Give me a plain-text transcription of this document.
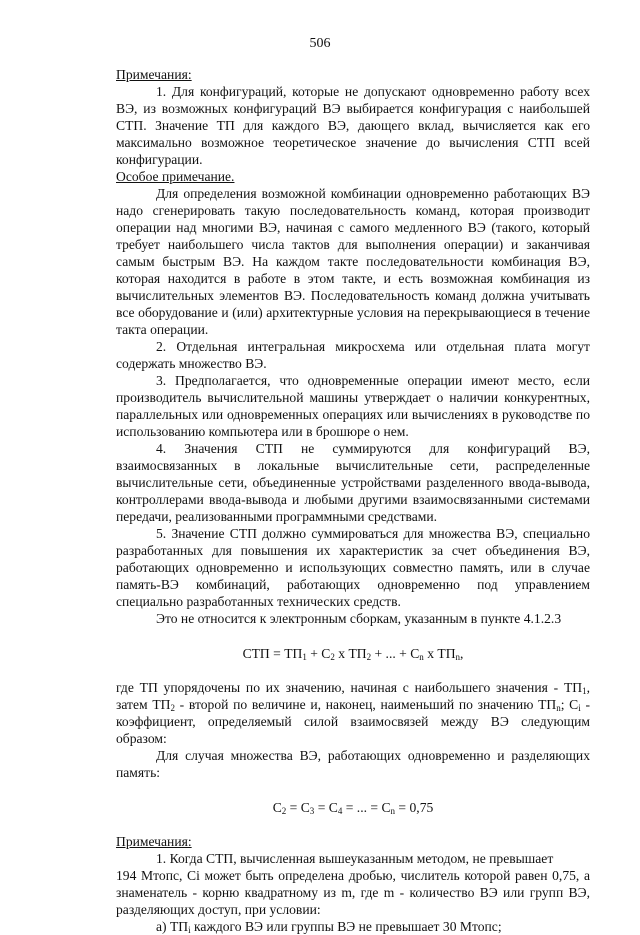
506

Примечания:

1. Для конфигураций, которые не допускают одновременно работу всех ВЭ, из возможных конфигураций ВЭ выбирается конфигурация с наибольшей СТП. Значение ТП для каждого ВЭ, дающего вклад, вычисляется как его максимально возможное теоретическое значение до вычисления СТП всей конфигурации.

Особое примечание.

Для определения возможной комбинации одновременно работающих ВЭ надо сгенерировать такую последовательность команд, которая производит операции над многими ВЭ, начиная с самого медленного ВЭ (такого, который требует наибольшего числа тактов для выполнения операции) и заканчивая самым быстрым ВЭ. На каждом такте последовательности комбинация ВЭ, которая находится в работе в этом такте, и есть возможная комбинация из вычислительных элементов ВЭ. Последовательность команд должна учитывать все оборудование и (или) архитектурные условия на перекрывающиеся в течение такта операции.

2. Отдельная интегральная микросхема или отдельная плата могут содержать множество ВЭ.

3. Предполагается, что одновременные операции имеют место, если производитель вычислительной машины утверждает о наличии конкурентных, параллельных или одновременных операциях или вычислениях в руководстве по использованию компьютера или в брошюре о нем.

4. Значения СТП не суммируются для конфигураций ВЭ, взаимосвязанных в локальные вычислительные сети, распределенные вычислительные сети, объединенные устройствами разделенного ввода-вывода, контроллерами ввода-вывода и любыми другими взаимосвязанными системами передачи, реализованными программными средствами.

5. Значение СТП должно суммироваться для множества ВЭ, специально разработанных для повышения их характеристик за счет объединения ВЭ, работающих одновременно и использующих совместно память, или в случае память-ВЭ комбинаций, работающих одновременно под управлением специально разработанных технических средств.

Это не относится к электронным сборкам, указанным в пункте 4.1.2.3

СТП = $ТП_1 + С_2$ х $ТП_2$ + ... + $С_n$ х $ТП_n$,

где ТП упорядочены по их значению, начиная с наибольшего значения - $ТП_1$, затем $ТП_2$ - второй по величине и, наконец, наименьший по значению $ТП_n$; $С_i$ - коэффициент, определяемый силой взаимосвязей между ВЭ следующим образом:

Для случая множества ВЭ, работающих одновременно и разделяющих память:

$С_2 = С_3 = С_4$ = ... = $С_n = 0,75$

Примечания:

1. Когда СТП, вычисленная вышеуказанным методом, не превышает

194 Мтопс, Сi может быть определена дробью, числитель которой равен 0,75, а знаменатель - корню квадратному из m, где m - количество ВЭ или групп ВЭ, разделяющих доступ, при условии:

а) $ТП_i$ каждого ВЭ или группы ВЭ не превышает 30 Мтопс;
